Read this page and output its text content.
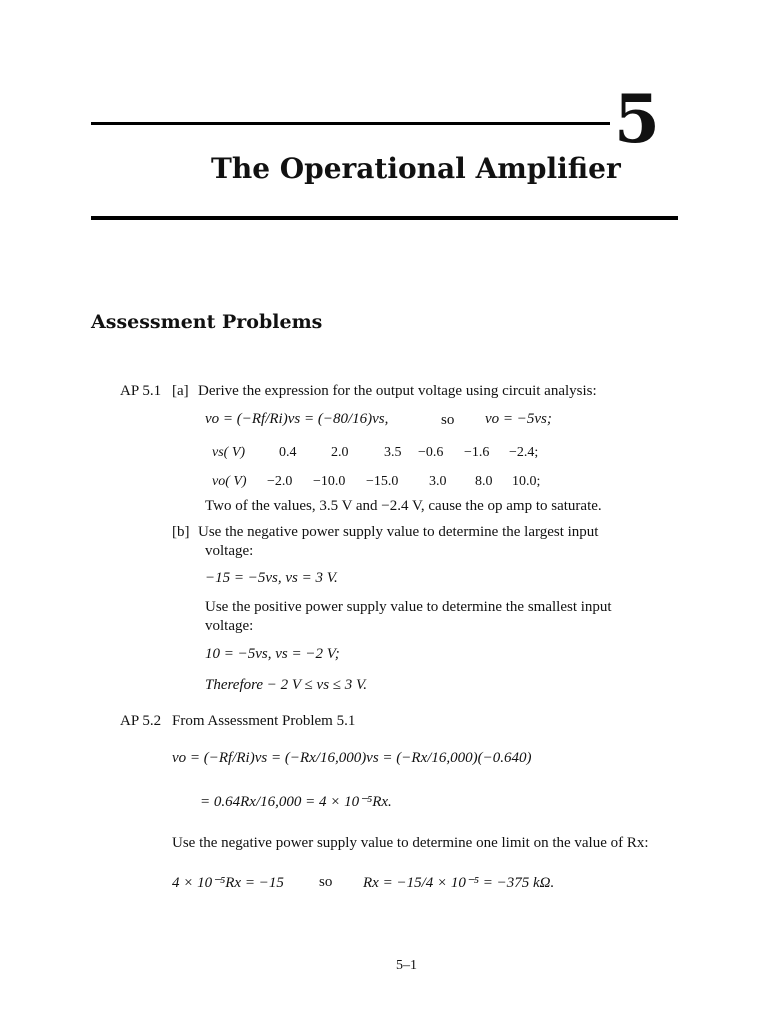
5
The Operational Amplifier
Assessment Problems
AP 5.1 [a] Derive the expression for the output voltage using circuit analysis:
vo = (−Rf/Ri)vs = (−80/16)vs,	so vo = −5vs;
vs( V) 0.4 2.0	3.5 −0.6 −1.6 −2.4;
vo( V) −2.0 −10.0 −15.0 3.0 8.0 10.0;
Two of the values, 3.5 V and −2.4 V, cause the op amp to saturate.
[b] Use the negative power supply value to determine the largest input
voltage:
−15 = −5vs, vs = 3 V.
Use the positive power supply value to determine the smallest input
voltage:
10 = −5vs, vs = −2 V;
Therefore − 2 V ≤ vs ≤ 3 V.
AP 5.2 From Assessment Problem 5.1
vo = (−Rf/Ri)vs = (−Rx/16,000)vs = (−Rx/16,000)(−0.640)
= 0.64Rx/16,000 = 4 × 10⁻⁵Rx.
Use the negative power supply value to determine one limit on the value of Rx:
4 × 10⁻⁵Rx = −15 so Rx = −15/4 × 10⁻⁵ = −375 kΩ.
5–1
